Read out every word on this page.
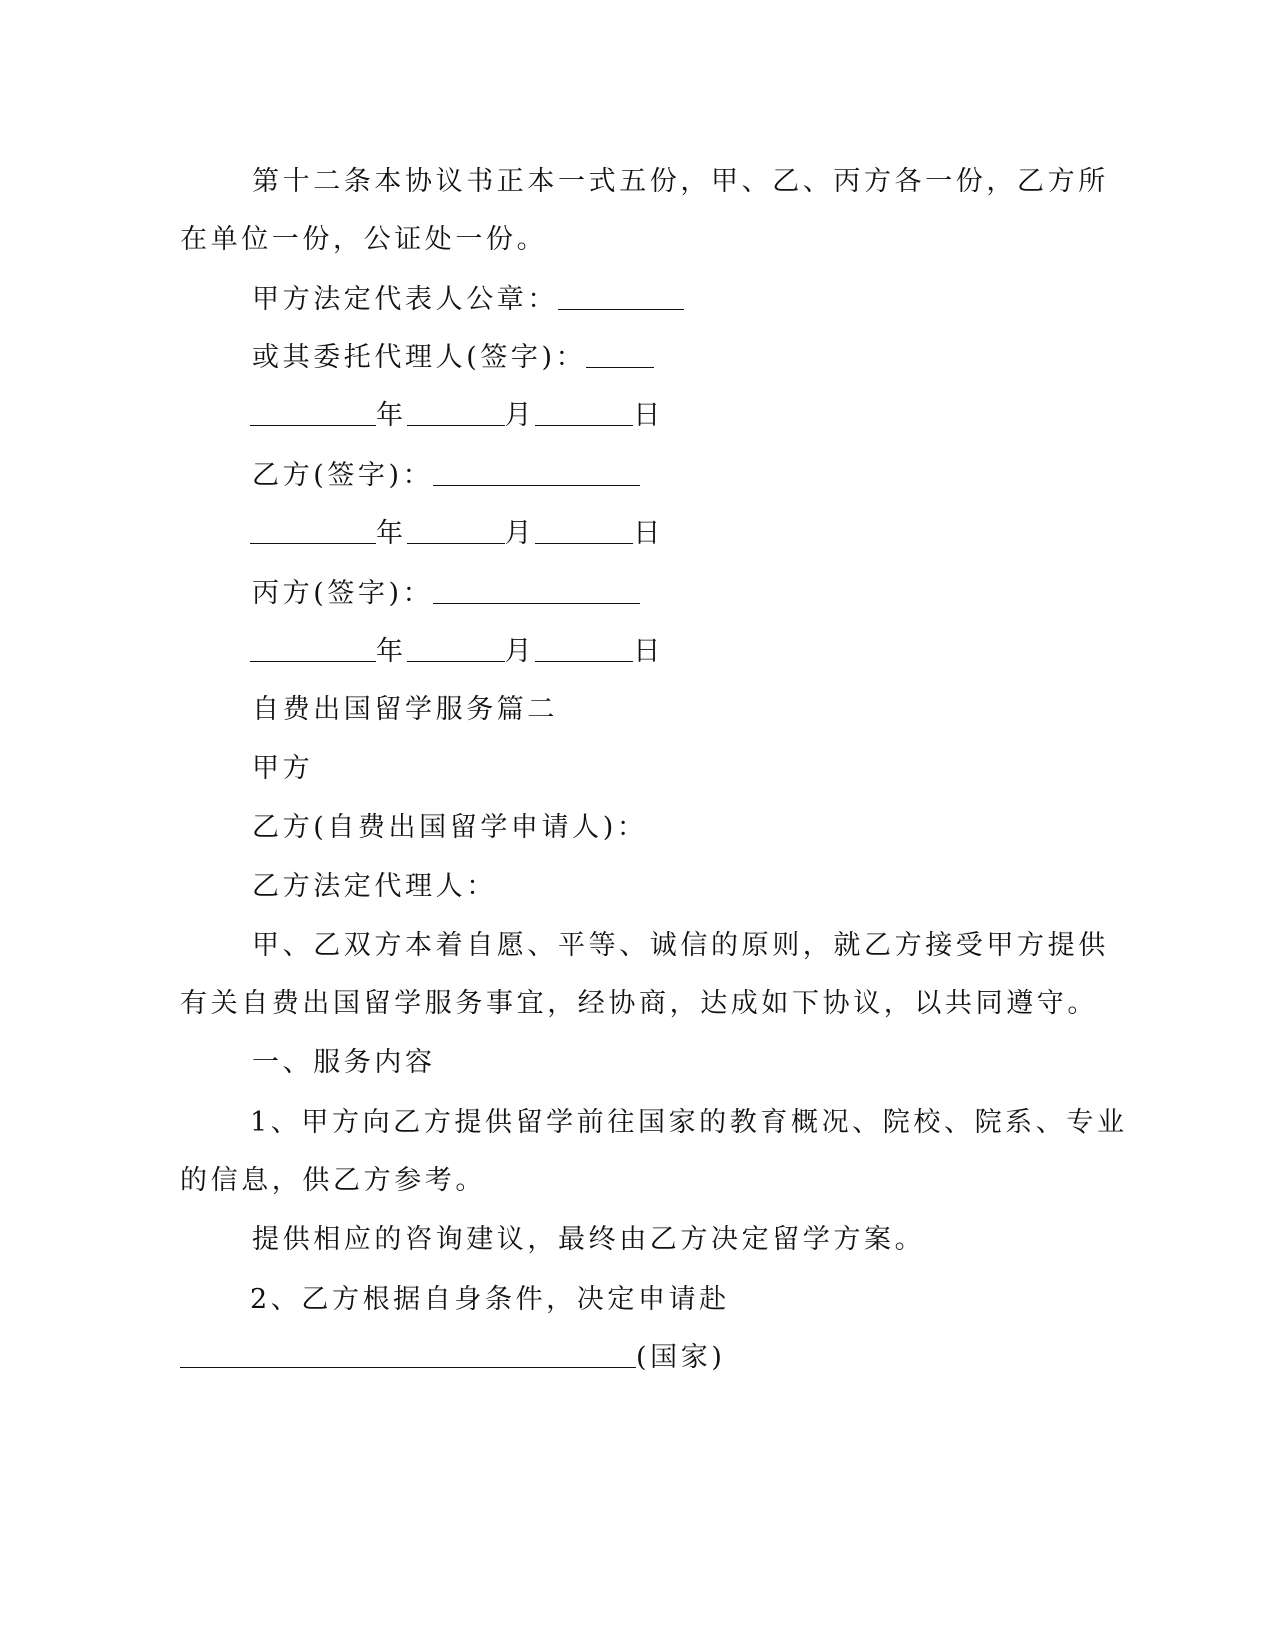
第十二条本协议书正本一式五份，甲、乙、丙方各一份，乙方所
在单位一份，公证处一份。
甲方法定代表人公章：
或其委托代理人(签字)：
年	月	日
乙方(签字)：
年	月	日
丙方(签字)：
年	月	日
自费出国留学服务篇二
甲方
乙方(自费出国留学申请人)：
乙方法定代理人：
甲、乙双方本着自愿、平等、诚信的原则，就乙方接受甲方提供
有关自费出国留学服务事宜，经协商，达成如下协议，以共同遵守。
一、服务内容
1、甲方向乙方提供留学前往国家的教育概况、院校、院系、专业
的信息，供乙方参考。
提供相应的咨询建议，最终由乙方决定留学方案。
2、乙方根据自身条件，决定申请赴
(国家)
